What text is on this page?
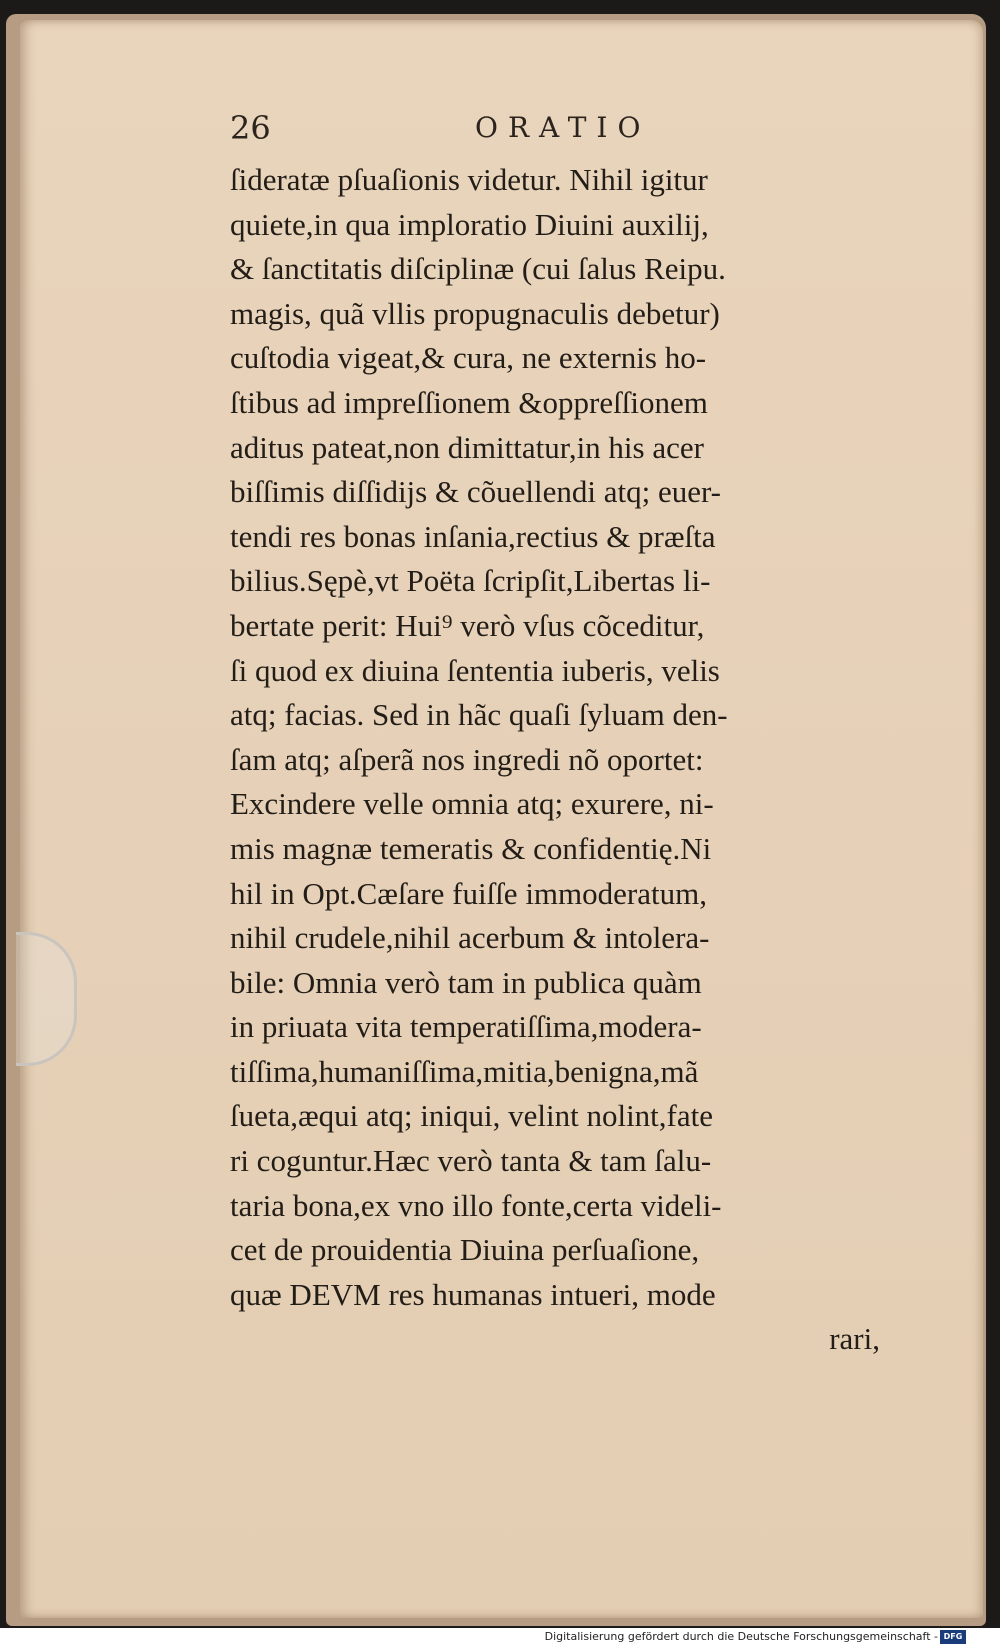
26	ORATIO
ſideratæ pſuaſionis videtur. Nihil igitur
quiete,in qua imploratio Diuini auxilij,
& ſanctitatis diſciplinæ (cui ſalus Reipu.
magis, quã vllis propugnaculis debetur)
cuſtodia vigeat,& cura, ne externis ho-
ſtibus ad impreſſionem &oppreſſionem
aditus pateat,non dimittatur,in his acer
biſſimis diſſidijs & cõuellendi atq; euer-
tendi res bonas inſania,rectius & præſta
bilius.Sępè,vt Poëta ſcripſit,Libertas li-
bertate perit: Hui⁹ verò vſus cõceditur,
ſi quod ex diuina ſententia iuberis, velis
atq; facias. Sed in hãc quaſi ſyluam den-
ſam atq; aſperã nos ingredi nõ oportet:
Excindere velle omnia atq; exurere, ni-
mis magnæ temeratis & confidentię.Ni
hil in Opt.Cæſare fuiſſe immoderatum,
nihil crudele,nihil acerbum & intolera-
bile: Omnia verò tam in publica quàm
in priuata vita temperatiſſima,modera-
tiſſima,humaniſſima,mitia,benigna,mã
ſueta,æqui atq; iniqui, velint nolint,fate
ri coguntur.Hæc verò tanta & tam ſalu-
taria bona,ex vno illo fonte,certa videli-
cet de prouidentia Diuina perſuaſione,
quæ DEVM res humanas intueri, mode
rari,
Digitalisierung gefördert durch die Deutsche Forschungsgemeinschaft - DFG
